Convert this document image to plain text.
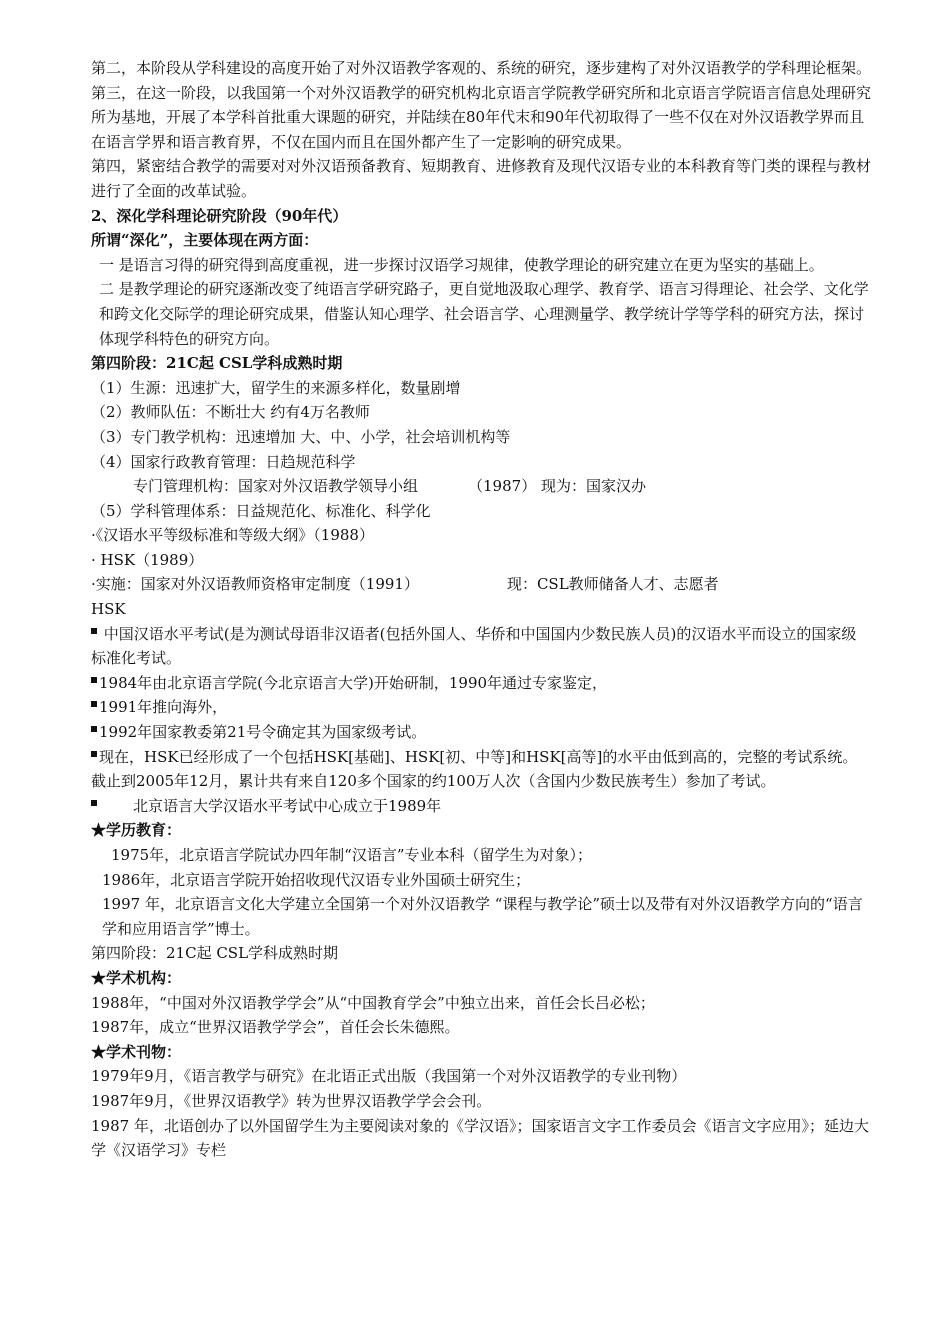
第二，本阶段从学科建设的高度开始了对外汉语教学客观的、系统的研究，逐步建构了对外汉语教学的学科理论框架。

第三，在这一阶段，以我国第一个对外汉语教学的研究机构北京语言学院教学研究所和北京语言学院语言信息处理研究所为基地，开展了本学科首批重大课题的研究，并陆续在80年代末和90年代初取得了一些不仅在对外汉语教学界而且在语言学界和语言教育界，不仅在国内而且在国外都产生了一定影响的研究成果。

第四，紧密结合教学的需要对对外汉语预备教育、短期教育、进修教育及现代汉语专业的本科教育等门类的课程与教材进行了全面的改革试验。

2、深化学科理论研究阶段（90年代）

所谓“深化”，主要体现在两方面：

一 是语言习得的研究得到高度重视，进一步探讨汉语学习规律，使教学理论的研究建立在更为坚实的基础上。

二 是教学理论的研究逐渐改变了纯语言学研究路子，更自觉地汲取心理学、教育学、语言习得理论、社会学、文化学和跨文化交际学的理论研究成果，借鉴认知心理学、社会语言学、心理测量学、教学统计学等学科的研究方法，探讨体现学科特色的研究方向。

第四阶段：21C起 CSL学科成熟时期

（1）生源：迅速扩大，留学生的来源多样化，数量剧增

（2）教师队伍：不断壮大 约有4万名教师

（3）专门教学机构：迅速增加 大、中、小学，社会培训机构等

（4）国家行政教育管理：日趋规范科学

专门管理机构：国家对外汉语教学领导小组	（1987） 现为：国家汉办

（5）学科管理体系：日益规范化、标准化、科学化

·《汉语水平等级标准和等级大纲》（1988）

· HSK（1989）

·实施：国家对外汉语教师资格审定制度（1991）	现：CSL教师储备人才、志愿者

HSK

中国汉语水平考试(是为测试母语非汉语者(包括外国人、华侨和中国国内少数民族人员)的汉语水平而设立的国家级标准化考试。

1984年由北京语言学院(今北京语言大学)开始研制，1990年通过专家鉴定，

1991年推向海外，

1992年国家教委第21号令确定其为国家级考试。

现在，HSK已经形成了一个包括HSK[基础]、HSK[初、中等]和HSK[高等]的水平由低到高的，完整的考试系统。截止到2005年12月，累计共有来自120多个国家的约100万人次（含国内少数民族考生）参加了考试。

北京语言大学汉语水平考试中心成立于1989年

★学历教育：

1975年，北京语言学院试办四年制“汉语言”专业本科（留学生为对象）；

1986年，北京语言学院开始招收现代汉语专业外国硕士研究生；

1997 年，北京语言文化大学建立全国第一个对外汉语教学 “课程与教学论”硕士以及带有对外汉语教学方向的“语言学和应用语言学”博士。

第四阶段：21C起 CSL学科成熟时期

★学术机构：

1988年，“中国对外汉语教学学会”从“中国教育学会”中独立出来，首任会长吕必松；

1987年，成立“世界汉语教学学会”，首任会长朱德熙。

★学术刊物：

1979年9月，《语言教学与研究》在北语正式出版（我国第一个对外汉语教学的专业刊物）

1987年9月，《世界汉语教学》转为世界汉语教学学会会刊。

1987 年，北语创办了以外国留学生为主要阅读对象的《学汉语》；国家语言文字工作委员会《语言文字应用》；延边大学《汉语学习》专栏
